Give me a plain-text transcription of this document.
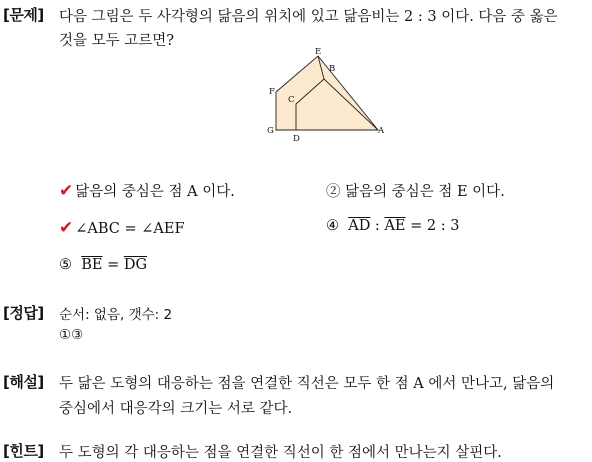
[문제] 다음 그림은 두 사각형의 닮음의 위치에 있고 닮음비는 2 : 3 이다. 다음 중 옳은
것을 모두 고르면?
E
B
F
C
G
D
A
✔ 닮음의 중심은 점 A 이다.	② 닮음의 중심은 점 E 이다.
✔ ∠ABC = ∠AEF	④ $\overline{AD}$ : $\overline{AE} = 2$ : 3
⑤ $\overline{BE} = \overline{DG}$
[정답] 순서: 없음, 갯수: 2
①③
[해설] 두 닮은 도형의 대응하는 점을 연결한 직선은 모두 한 점 A 에서 만나고, 닮음의
중심에서 대응각의 크기는 서로 같다.
[힌트] 두 도형의 각 대응하는 점을 연결한 직선이 한 점에서 만나는지 살핀다.
